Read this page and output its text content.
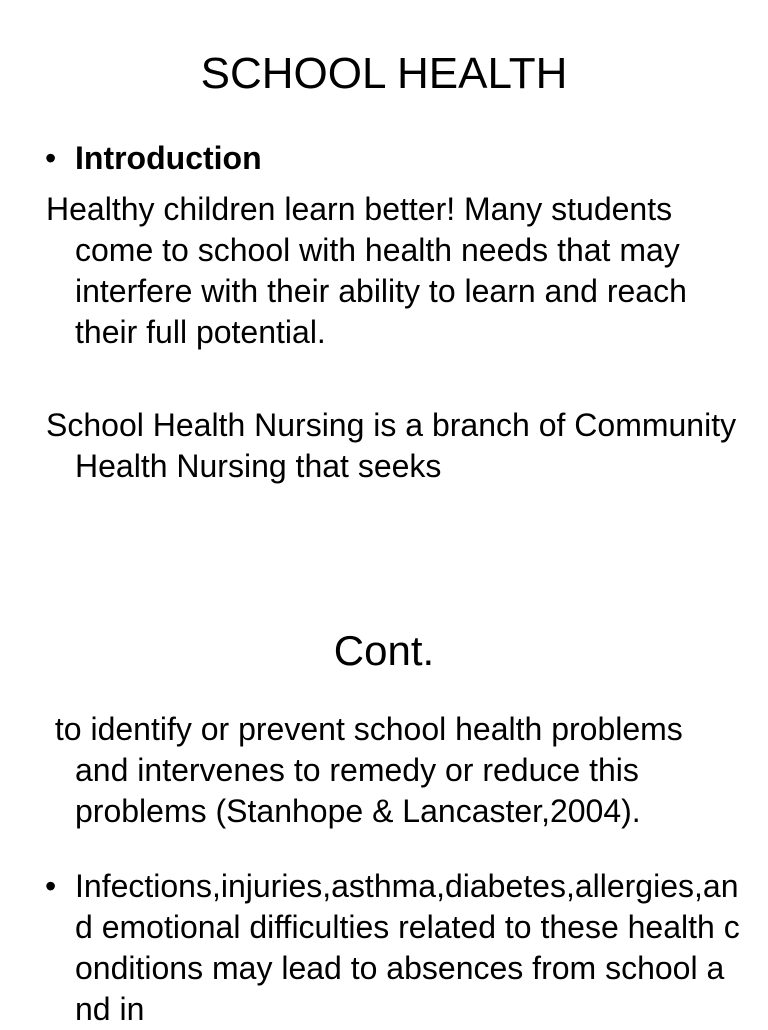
SCHOOL HEALTH

• Introduction

Healthy children learn better! Many students come to school with health needs that may interfere with their ability to learn and reach their full potential.

School Health Nursing is a branch of Community Health Nursing that seeks

Cont.

to identify or prevent school health problems and intervenes to remedy or reduce this problems (Stanhope & Lancaster,2004).

• Infections,injuries,asthma,diabetes,allergies,and emotional difficulties related to these health conditions may lead to absences from school and in
